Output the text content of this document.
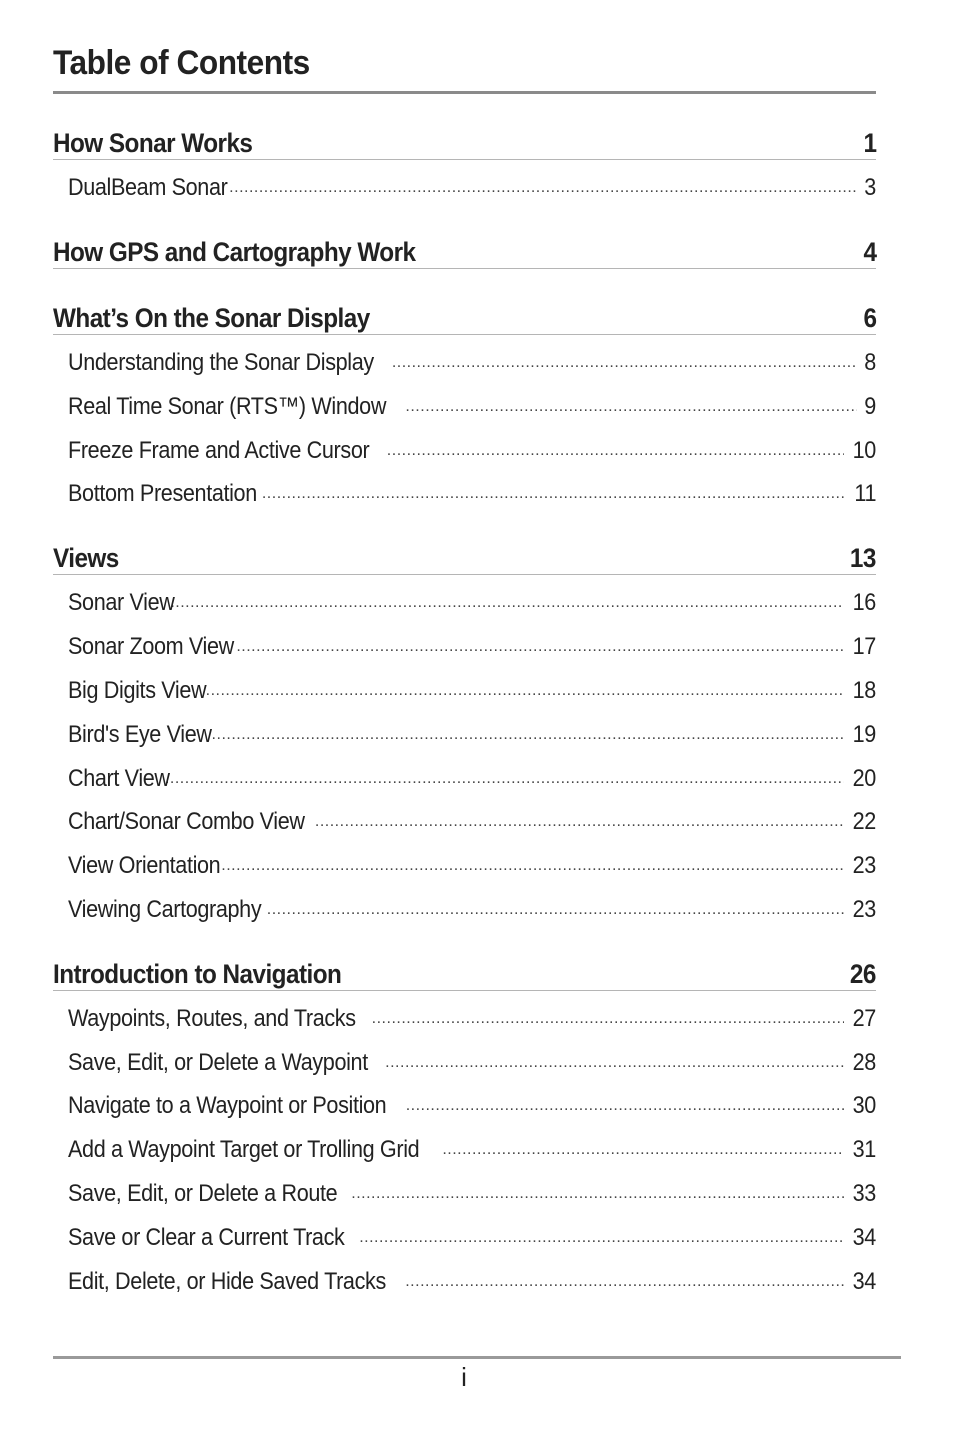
Table of Contents
How Sonar Works	1
DualBeam Sonar .....	3
How GPS and Cartography Work	4
What’s On the Sonar Display	6
Understanding the Sonar Display .....	8
Real Time Sonar (RTS™) Window .....	9
Freeze Frame and Active Cursor .....	10
Bottom Presentation .....	11
Views	13
Sonar View .....	16
Sonar Zoom View .....	17
Big Digits View .....	18
Bird's Eye View .....	19
Chart View .....	20
Chart/Sonar Combo View .....	22
View Orientation .....	23
Viewing Cartography .....	23
Introduction to Navigation	26
Waypoints, Routes, and Tracks .....	27
Save, Edit, or Delete a Waypoint .....	28
Navigate to a Waypoint or Position .....	30
Add a Waypoint Target or Trolling Grid .....	31
Save, Edit, or Delete a Route .....	33
Save or Clear a Current Track .....	34
Edit, Delete, or Hide Saved Tracks .....	34
i
